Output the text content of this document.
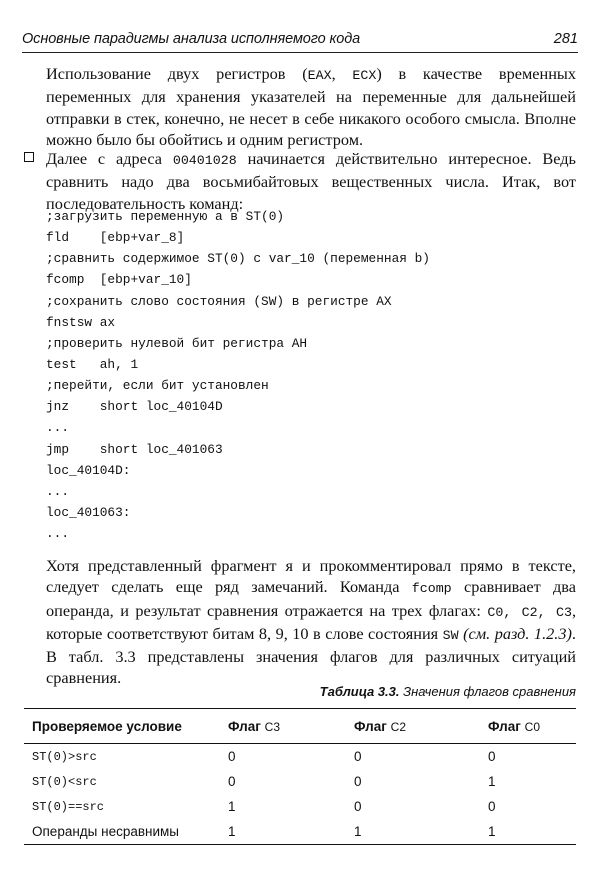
Основные парадигмы анализа исполняемого кода	281
Использование двух регистров (EAX, ECX) в качестве временных переменных для хранения указателей на переменные для дальнейшей отправки в стек, конечно, не несет в себе никакого особого смысла. Вполне можно было бы обойтись и одним регистром.
Далее с адреса 00401028 начинается действительно интересное. Ведь сравнить надо два восьмибайтовых вещественных числа. Итак, вот последовательность команд:
;загрузить переменную a в ST(0)
fld    [ebp+var_8]
;сравнить содержимое ST(0) с var_10 (переменная b)
fcomp  [ebp+var_10]
;сохранить слово состояния (SW) в регистре AX
fnstsw ax
;проверить нулевой бит регистра AH
test   ah, 1
;перейти, если бит установлен
jnz    short loc_40104D
...
jmp    short loc_401063
loc_40104D:
...
loc_401063:
...
Хотя представленный фрагмент я и прокомментировал прямо в тексте, следует сделать еще ряд замечаний. Команда fcomp сравнивает два операнда, и результат сравнения отражается на трех флагах: C0, C2, C3, которые соответствуют битам 8, 9, 10 в слове состояния SW (см. разд. 1.2.3). В табл. 3.3 представлены значения флагов для различных ситуаций сравнения.
Таблица 3.3. Значения флагов сравнения
Проверяемое условие	Флаг C3	Флаг C2	Флаг C0
ST(0)>src	0	0	0
ST(0)<src	0	0	1
ST(0)==src	1	0	0
Операнды несравнимы	1	1	1
